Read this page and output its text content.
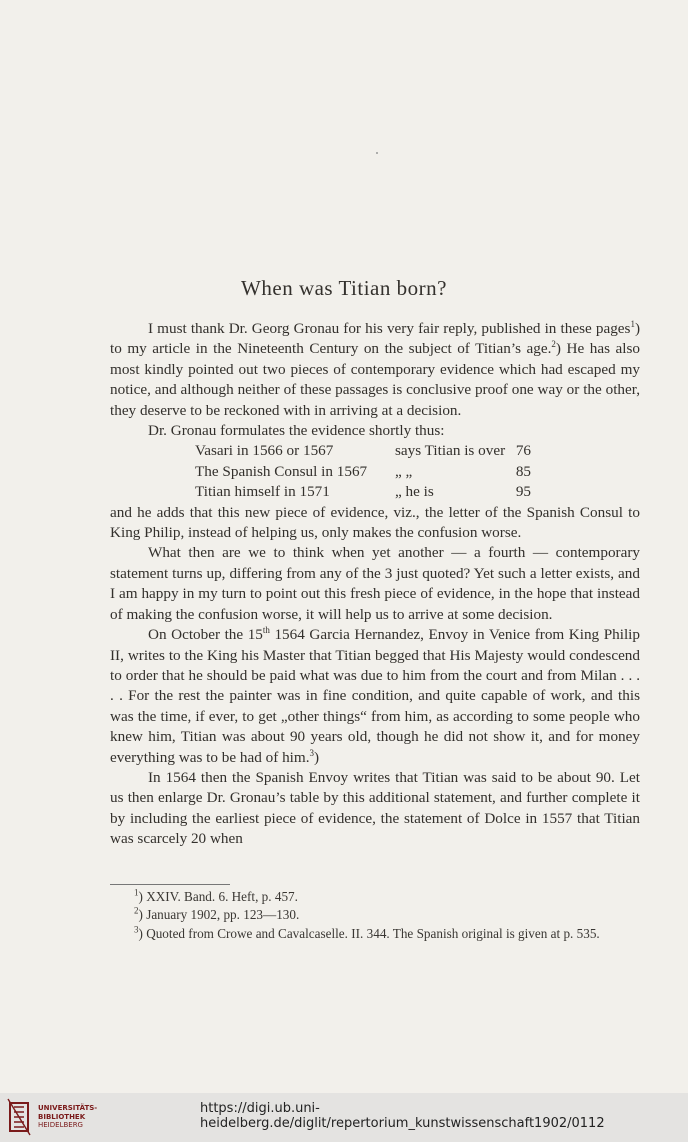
When was Titian born?

I must thank Dr. Georg Gronau for his very fair reply, published in these pages$^1$) to my article in the Nineteenth Century on the subject of Titian’s age.$^2$) He has also most kindly pointed out two pieces of contemporary evidence which had escaped my notice, and although neither of these passages is conclusive proof one way or the other, they deserve to be reckoned with in arriving at a decision.

Dr. Gronau formulates the evidence shortly thus:

Vasari in 1566 or 1567	says Titian is over 76
The Spanish Consul in 1567	„ „	85
Titian himself in 1571	„ he is	95

and he adds that this new piece of evidence, viz., the letter of the Spanish Consul to King Philip, instead of helping us, only makes the confusion worse.

What then are we to think when yet another — a fourth — contemporary statement turns up, differing from any of the 3 just quoted? Yet such a letter exists, and I am happy in my turn to point out this fresh piece of evidence, in the hope that instead of making the confusion worse, it will help us to arrive at some decision.

On October the 15th 1564 Garcia Hernandez, Envoy in Venice from King Philip II, writes to the King his Master that Titian begged that His Majesty would condescend to order that he should be paid what was due to him from the court and from Milan . . . . . For the rest the painter was in fine condition, and quite capable of work, and this was the time, if ever, to get „other things“ from him, as according to some people who knew him, Titian was about 90 years old, though he did not show it, and for money everything was to be had of him.$^3$)

In 1564 then the Spanish Envoy writes that Titian was said to be about 90. Let us then enlarge Dr. Gronau’s table by this additional statement, and further complete it by including the earliest piece of evidence, the statement of Dolce in 1557 that Titian was scarcely 20 when

$^1$) XXIV. Band. 6. Heft, p. 457.
$^2$) January 1902, pp. 123—130.
$^3$) Quoted from Crowe and Cavalcaselle. II. 344. The Spanish original is given at p. 535.
UNIVERSITÄTS-
BIBLIOTHEK
HEIDELBERG
https://digi.ub.uni-heidelberg.de/diglit/repertorium_kunstwissenschaft1902/0112
